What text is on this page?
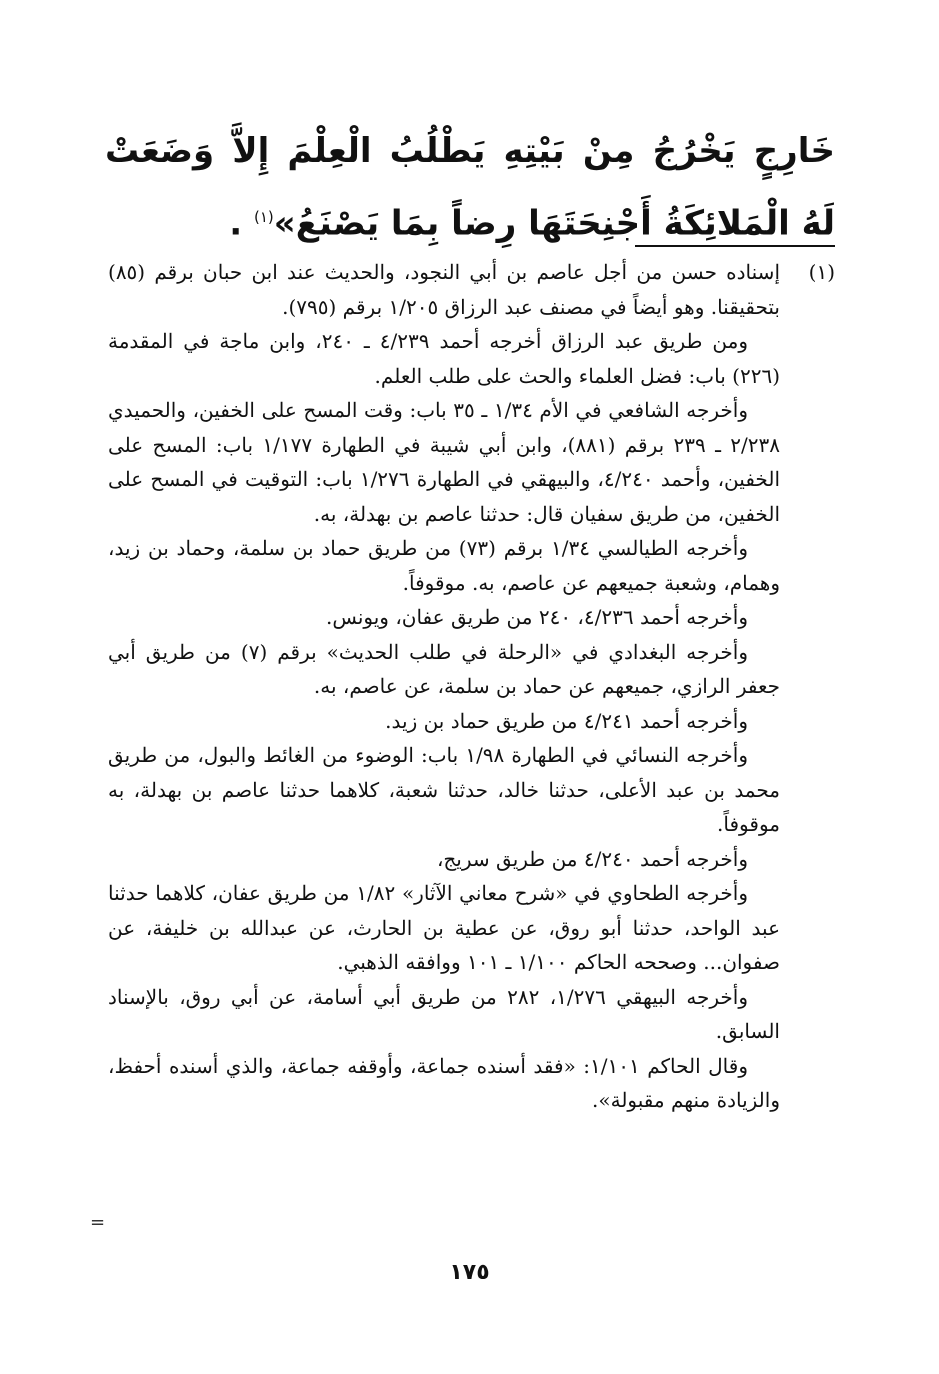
خَارِجٍ يَخْرُجُ مِنْ بَيْتِهِ يَطْلُبُ الْعِلْمَ إِلاَّ وَضَعَتْ لَهُ الْمَلائِكَةُ أَجْنِحَتَهَا رِضاً بِمَا يَصْنَعُ»$^{(١)}$ .
(١)

إسناده حسن من أجل عاصم بن أبي النجود، والحديث عند ابن حبان برقم (٨٥) بتحقيقنا. وهو أيضاً في مصنف عبد الرزاق ١/٢٠٥ برقم (٧٩٥).

ومن طريق عبد الرزاق أخرجه أحمد ٤/٢٣٩ ـ ٢٤٠، وابن ماجة في المقدمة (٢٢٦) باب: فضل العلماء والحث على طلب العلم.

وأخرجه الشافعي في الأم ١/٣٤ ـ ٣٥ باب: وقت المسح على الخفين، والحميدي ٢/٢٣٨ ـ ٢٣٩ برقم (٨٨١)، وابن أبي شيبة في الطهارة ١/١٧٧ باب: المسح على الخفين، وأحمد ٤/٢٤٠، والبيهقي في الطهارة ١/٢٧٦ باب: التوقيت في المسح على الخفين، من طريق سفيان قال: حدثنا عاصم بن بهدلة، به.

وأخرجه الطيالسي ١/٣٤ برقم (٧٣) من طريق حماد بن سلمة، وحماد بن زيد، وهمام، وشعبة جميعهم عن عاصم، به. موقوفاً.

وأخرجه أحمد ٤/٢٣٦، ٢٤٠ من طريق عفان، ويونس.

وأخرجه البغدادي في «الرحلة في طلب الحديث» برقم (٧) من طريق أبي جعفر الرازي، جميعهم عن حماد بن سلمة، عن عاصم، به.

وأخرجه أحمد ٤/٢٤١ من طريق حماد بن زيد.

وأخرجه النسائي في الطهارة ١/٩٨ باب: الوضوء من الغائط والبول، من طريق محمد بن عبد الأعلى، حدثنا خالد، حدثنا شعبة، كلاهما حدثنا عاصم بن بهدلة، به موقوفاً.

وأخرجه أحمد ٤/٢٤٠ من طريق سريج،

وأخرجه الطحاوي في «شرح معاني الآثار» ١/٨٢ من طريق عفان، كلاهما حدثنا عبد الواحد، حدثنا أبو روق، عن عطية بن الحارث، عن عبدالله بن خليفة، عن صفوان... وصححه الحاكم ١/١٠٠ ـ ١٠١ ووافقه الذهبي.

وأخرجه البيهقي ١/٢٧٦، ٢٨٢ من طريق أبي أسامة، عن أبي روق، بالإسناد السابق.

وقال الحاكم ١/١٠١: «فقد أسنده جماعة، وأوقفه جماعة، والذي أسنده أحفظ، والزيادة منهم مقبولة».

=
١٧٥
